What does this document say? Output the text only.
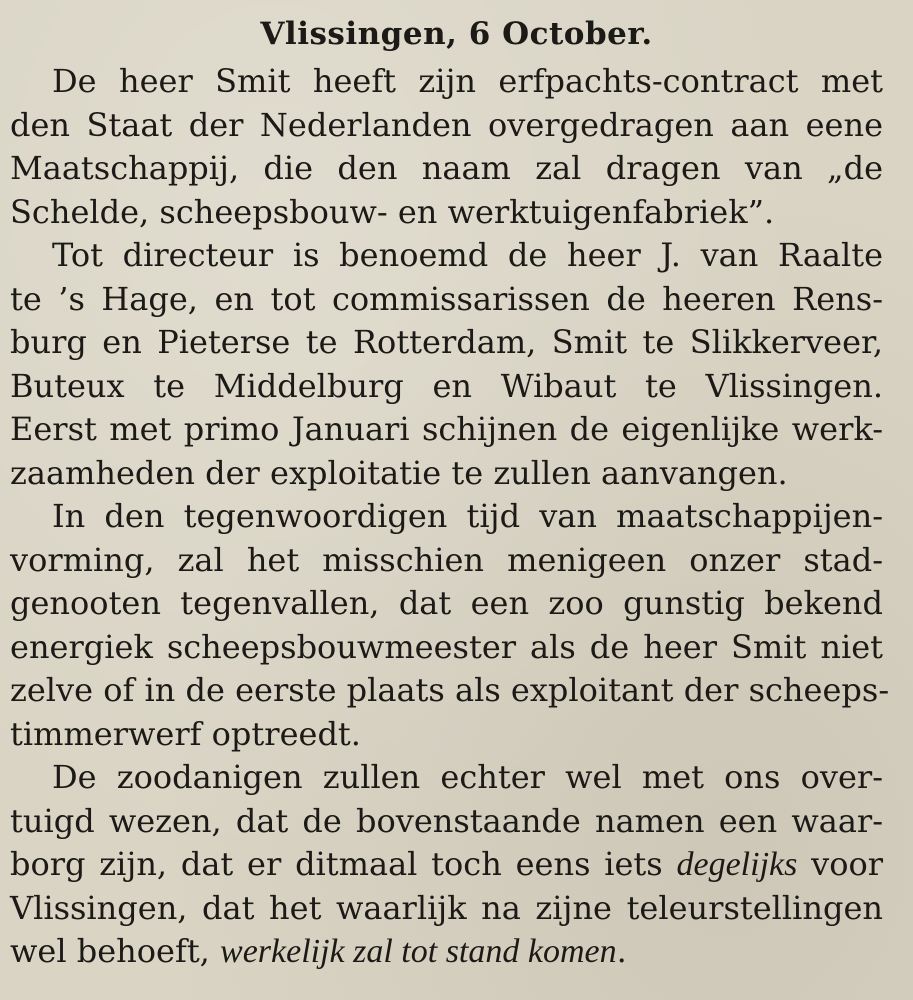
Vlissingen, 6 October.

De heer Smit heeft zijn erfpachts-contract met
den Staat der Nederlanden overgedragen aan eene
Maatschappij, die den naam zal dragen van „de
Schelde, scheepsbouw- en werktuigenfabriek”.

Tot directeur is benoemd de heer J. van Raalte
te ’s Hage, en tot commissarissen de heeren Rens-
burg en Pieterse te Rotterdam, Smit te Slikkerveer,
Buteux te Middelburg en Wibaut te Vlissingen.
Eerst met primo Januari schijnen de eigenlijke werk-
zaamheden der exploitatie te zullen aanvangen.

In den tegenwoordigen tijd van maatschappijen-
vorming, zal het misschien menigeen onzer stad-
genooten tegenvallen, dat een zoo gunstig bekend
energiek scheepsbouwmeester als de heer Smit niet
zelve of in de eerste plaats als exploitant der scheeps-
timmerwerf optreedt.

De zoodanigen zullen echter wel met ons over-
tuigd wezen, dat de bovenstaande namen een waar-
borg zijn, dat er ditmaal toch eens iets degelijks voor
Vlissingen, dat het waarlijk na zijne teleurstellingen
wel behoeft, werkelijk zal tot stand komen.
